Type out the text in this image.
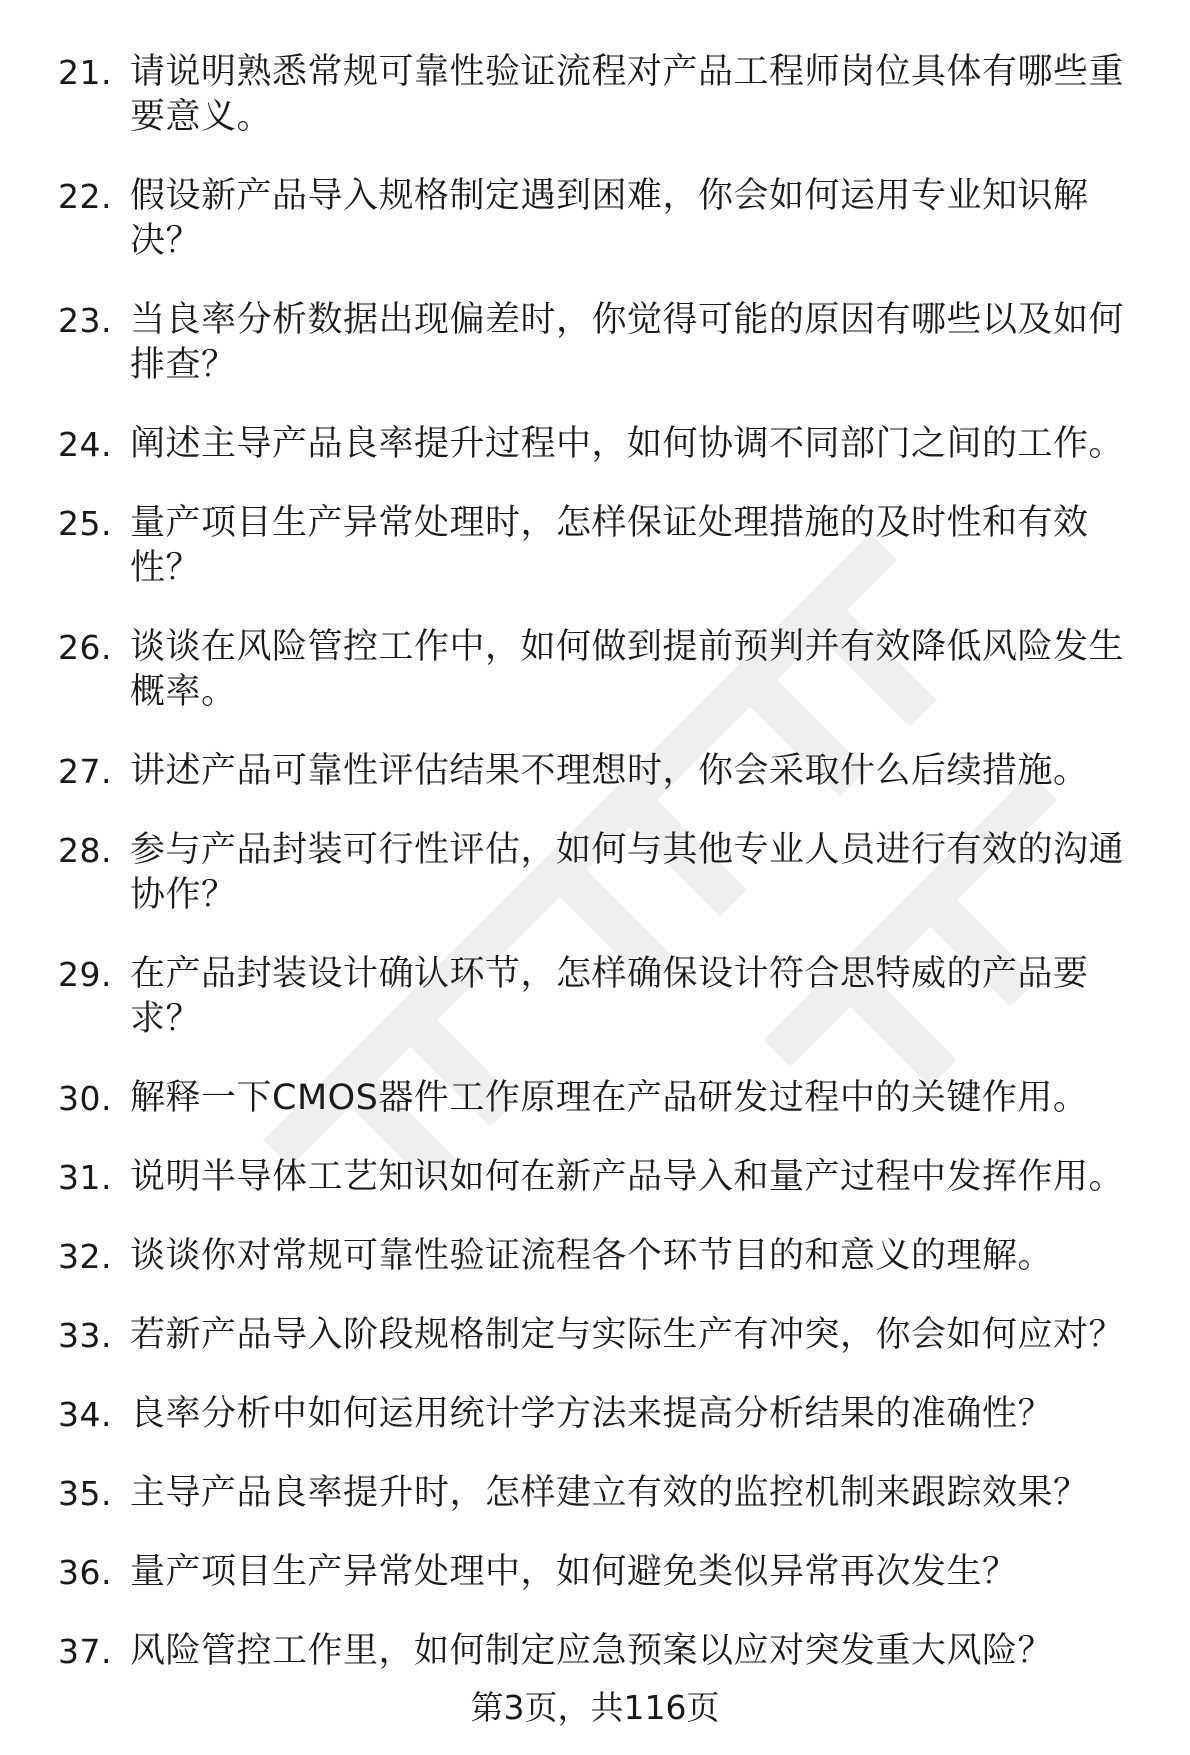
21. 请说明熟悉常规可靠性验证流程对产品工程师岗位具体有哪些重要意义。
22. 假设新产品导入规格制定遇到困难，你会如何运用专业知识解决？
23. 当良率分析数据出现偏差时，你觉得可能的原因有哪些以及如何排查？
24. 阐述主导产品良率提升过程中，如何协调不同部门之间的工作。
25. 量产项目生产异常处理时，怎样保证处理措施的及时性和有效性？
26. 谈谈在风险管控工作中，如何做到提前预判并有效降低风险发生概率。
27. 讲述产品可靠性评估结果不理想时，你会采取什么后续措施。
28. 参与产品封装可行性评估，如何与其他专业人员进行有效的沟通协作？
29. 在产品封装设计确认环节，怎样确保设计符合思特威的产品要求？
30. 解释一下CMOS器件工作原理在产品研发过程中的关键作用。
31. 说明半导体工艺知识如何在新产品导入和量产过程中发挥作用。
32. 谈谈你对常规可靠性验证流程各个环节目的和意义的理解。
33. 若新产品导入阶段规格制定与实际生产有冲突，你会如何应对？
34. 良率分析中如何运用统计学方法来提高分析结果的准确性？
35. 主导产品良率提升时，怎样建立有效的监控机制来跟踪效果？
36. 量产项目生产异常处理中，如何避免类似异常再次发生？
37. 风险管控工作里，如何制定应急预案以应对突发重大风险？
第3页，共116页
